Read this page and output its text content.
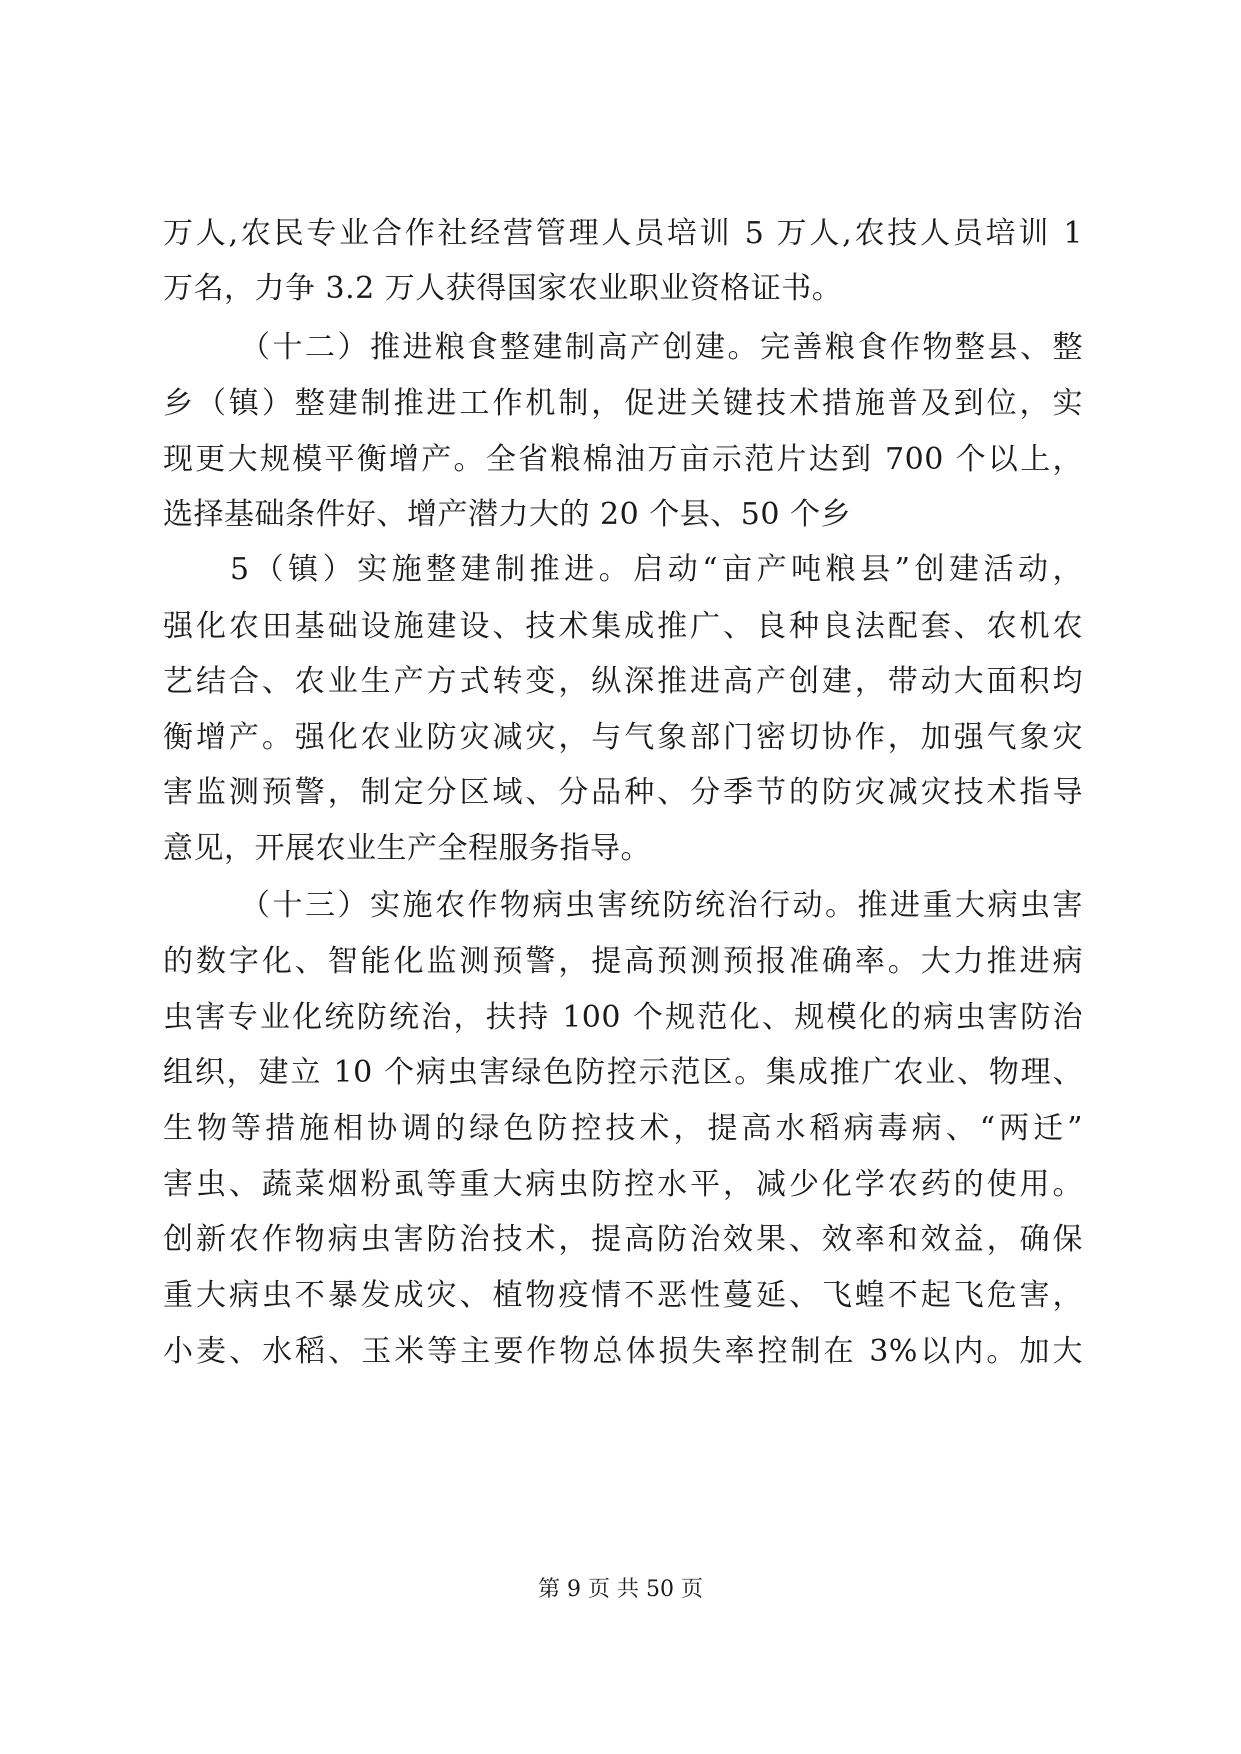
万人,农民专业合作社经营管理人员培训 5 万人,农技人员培训 1
万名，力争 3.2 万人获得国家农业职业资格证书。
（十二）推进粮食整建制高产创建。完善粮食作物整县、整
乡（镇）整建制推进工作机制，促进关键技术措施普及到位，实
现更大规模平衡增产。全省粮棉油万亩示范片达到 700 个以上，
选择基础条件好、增产潜力大的 20 个县、50 个乡
5（镇）实施整建制推进。启动“亩产吨粮县”创建活动，
强化农田基础设施建设、技术集成推广、良种良法配套、农机农
艺结合、农业生产方式转变，纵深推进高产创建，带动大面积均
衡增产。强化农业防灾减灾，与气象部门密切协作，加强气象灾
害监测预警，制定分区域、分品种、分季节的防灾减灾技术指导
意见，开展农业生产全程服务指导。
（十三）实施农作物病虫害统防统治行动。推进重大病虫害
的数字化、智能化监测预警，提高预测预报准确率。大力推进病
虫害专业化统防统治，扶持 100 个规范化、规模化的病虫害防治
组织，建立 10 个病虫害绿色防控示范区。集成推广农业、物理、
生物等措施相协调的绿色防控技术，提高水稻病毒病、“两迁”
害虫、蔬菜烟粉虱等重大病虫防控水平，减少化学农药的使用。
创新农作物病虫害防治技术，提高防治效果、效率和效益，确保
重大病虫不暴发成灾、植物疫情不恶性蔓延、飞蝗不起飞危害，
小麦、水稻、玉米等主要作物总体损失率控制在 3%以内。加大
第 9 页 共 50 页
